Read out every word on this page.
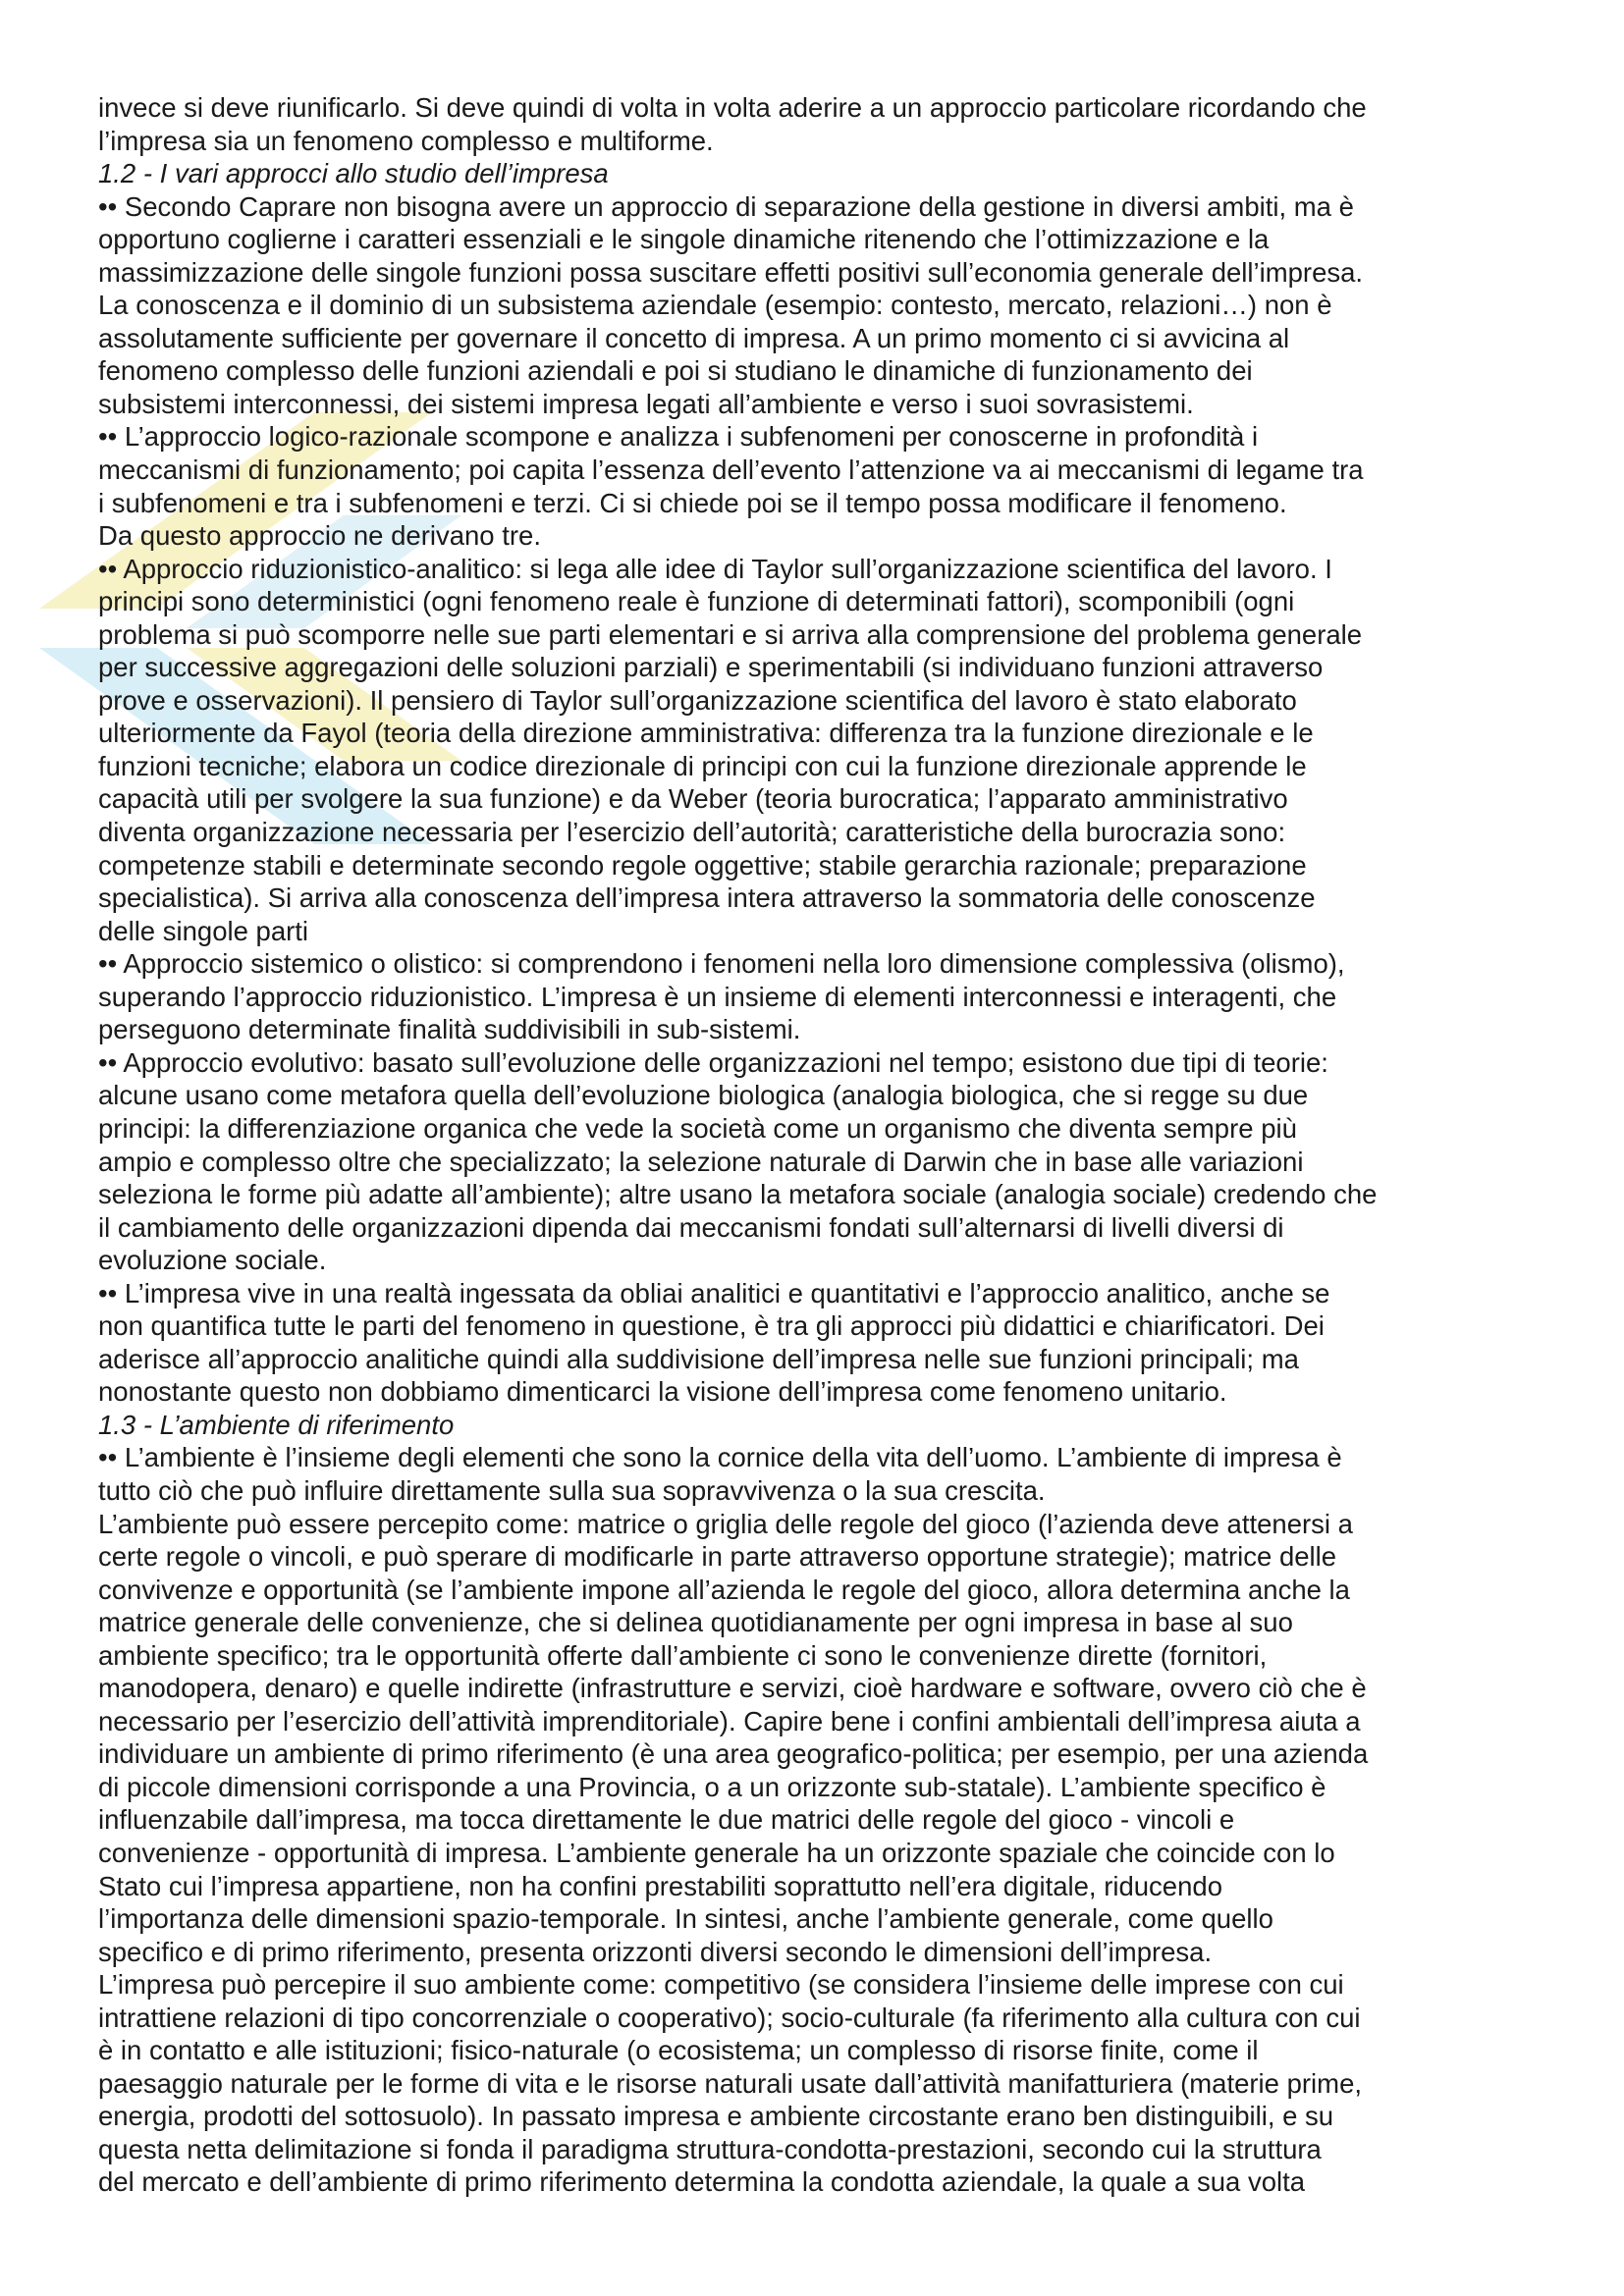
invece si deve riunificarlo. Si deve quindi di volta in volta aderire a un approccio particolare ricordando che
l’impresa sia un fenomeno complesso e multiforme.
1.2 - I vari approcci allo studio dell’impresa
•• Secondo Caprare non bisogna avere un approccio di separazione della gestione in diversi ambiti, ma è
opportuno coglierne i caratteri essenziali e le singole dinamiche ritenendo che l’ottimizzazione e la
massimizzazione delle singole funzioni possa suscitare effetti positivi sull’economia generale dell’impresa.
La conoscenza e il dominio di un subsistema aziendale (esempio: contesto, mercato, relazioni…) non è
assolutamente sufficiente per governare il concetto di impresa. A un primo momento ci si avvicina al
fenomeno complesso delle funzioni aziendali e poi si studiano le dinamiche di funzionamento dei
subsistemi interconnessi, dei sistemi impresa legati all’ambiente e verso i suoi sovrasistemi.
•• L’approccio logico-razionale scompone e analizza i subfenomeni per conoscerne in profondità i
meccanismi di funzionamento; poi capita l’essenza dell’evento l’attenzione va ai meccanismi di legame tra
i subfenomeni e tra i subfenomeni e terzi. Ci si chiede poi se il tempo possa modificare il fenomeno.
Da questo approccio ne derivano tre.
•• Approccio riduzionistico-analitico: si lega alle idee di Taylor sull’organizzazione scientifica del lavoro. I
principi sono deterministici (ogni fenomeno reale è funzione di determinati fattori), scomponibili (ogni
problema si può scomporre nelle sue parti elementari e si arriva alla comprensione del problema generale
per successive aggregazioni delle soluzioni parziali) e sperimentabili (si individuano funzioni attraverso
prove e osservazioni). Il pensiero di Taylor sull’organizzazione scientifica del lavoro è stato elaborato
ulteriormente da Fayol (teoria della direzione amministrativa: differenza tra la funzione direzionale e le
funzioni tecniche; elabora un codice direzionale di principi con cui la funzione direzionale apprende le
capacità utili per svolgere la sua funzione) e da Weber (teoria burocratica; l’apparato amministrativo
diventa organizzazione necessaria per l’esercizio dell’autorità; caratteristiche della burocrazia sono:
competenze stabili e determinate secondo regole oggettive; stabile gerarchia razionale; preparazione
specialistica). Si arriva alla conoscenza dell’impresa intera attraverso la sommatoria delle conoscenze
delle singole parti
•• Approccio sistemico o olistico: si comprendono i fenomeni nella loro dimensione complessiva (olismo),
superando l’approccio riduzionistico. L’impresa è un insieme di elementi interconnessi e interagenti, che
perseguono determinate finalità suddivisibili in sub-sistemi.
•• Approccio evolutivo: basato sull’evoluzione delle organizzazioni nel tempo; esistono due tipi di teorie:
alcune usano come metafora quella dell’evoluzione biologica (analogia biologica, che si regge su due
principi: la differenziazione organica che vede la società come un organismo che diventa sempre più
ampio e complesso oltre che specializzato; la selezione naturale di Darwin che in base alle variazioni
seleziona le forme più adatte all’ambiente); altre usano la metafora sociale (analogia sociale) credendo che
il cambiamento delle organizzazioni dipenda dai meccanismi fondati sull’alternarsi di livelli diversi di
evoluzione sociale.
•• L’impresa vive in una realtà ingessata da obliai analitici e quantitativi e l’approccio analitico, anche se
non quantifica tutte le parti del fenomeno in questione, è tra gli approcci più didattici e chiarificatori. Dei
aderisce all’approccio analitiche quindi alla suddivisione dell’impresa nelle sue funzioni principali; ma
nonostante questo non dobbiamo dimenticarci la visione dell’impresa come fenomeno unitario.
1.3 - L’ambiente di riferimento
•• L’ambiente è l’insieme degli elementi che sono la cornice della vita dell’uomo. L’ambiente di impresa è
tutto ciò che può influire direttamente sulla sua sopravvivenza o la sua crescita.
L’ambiente può essere percepito come: matrice o griglia delle regole del gioco (l’azienda deve attenersi a
certe regole o vincoli, e può sperare di modificarle in parte attraverso opportune strategie); matrice delle
convivenze e opportunità (se l’ambiente impone all’azienda le regole del gioco, allora determina anche la
matrice generale delle convenienze, che si delinea quotidianamente per ogni impresa in base al suo
ambiente specifico; tra le opportunità offerte dall’ambiente ci sono le convenienze dirette (fornitori,
manodopera, denaro) e quelle indirette (infrastrutture e servizi, cioè hardware e software, ovvero ciò che è
necessario per l’esercizio dell’attività imprenditoriale). Capire bene i confini ambientali dell’impresa aiuta a
individuare un ambiente di primo riferimento (è una area geografico-politica; per esempio, per una azienda
di piccole dimensioni corrisponde a una Provincia, o a un orizzonte sub-statale). L’ambiente specifico è
influenzabile dall’impresa, ma tocca direttamente le due matrici delle regole del gioco - vincoli e
convenienze - opportunità di impresa. L’ambiente generale ha un orizzonte spaziale che coincide con lo
Stato cui l’impresa appartiene, non ha confini prestabiliti soprattutto nell’era digitale, riducendo
l’importanza delle dimensioni spazio-temporale. In sintesi, anche l’ambiente generale, come quello
specifico e di primo riferimento, presenta orizzonti diversi secondo le dimensioni dell’impresa.
L’impresa può percepire il suo ambiente come: competitivo (se considera l’insieme delle imprese con cui
intrattiene relazioni di tipo concorrenziale o cooperativo); socio-culturale (fa riferimento alla cultura con cui
è in contatto e alle istituzioni; fisico-naturale (o ecosistema; un complesso di risorse finite, come il
paesaggio naturale per le forme di vita e le risorse naturali usate dall’attività manifatturiera (materie prime,
energia, prodotti del sottosuolo). In passato impresa e ambiente circostante erano ben distinguibili, e su
questa netta delimitazione si fonda il paradigma struttura-condotta-prestazioni, secondo cui la struttura
del mercato e dell’ambiente di primo riferimento determina la condotta aziendale, la quale a sua volta
